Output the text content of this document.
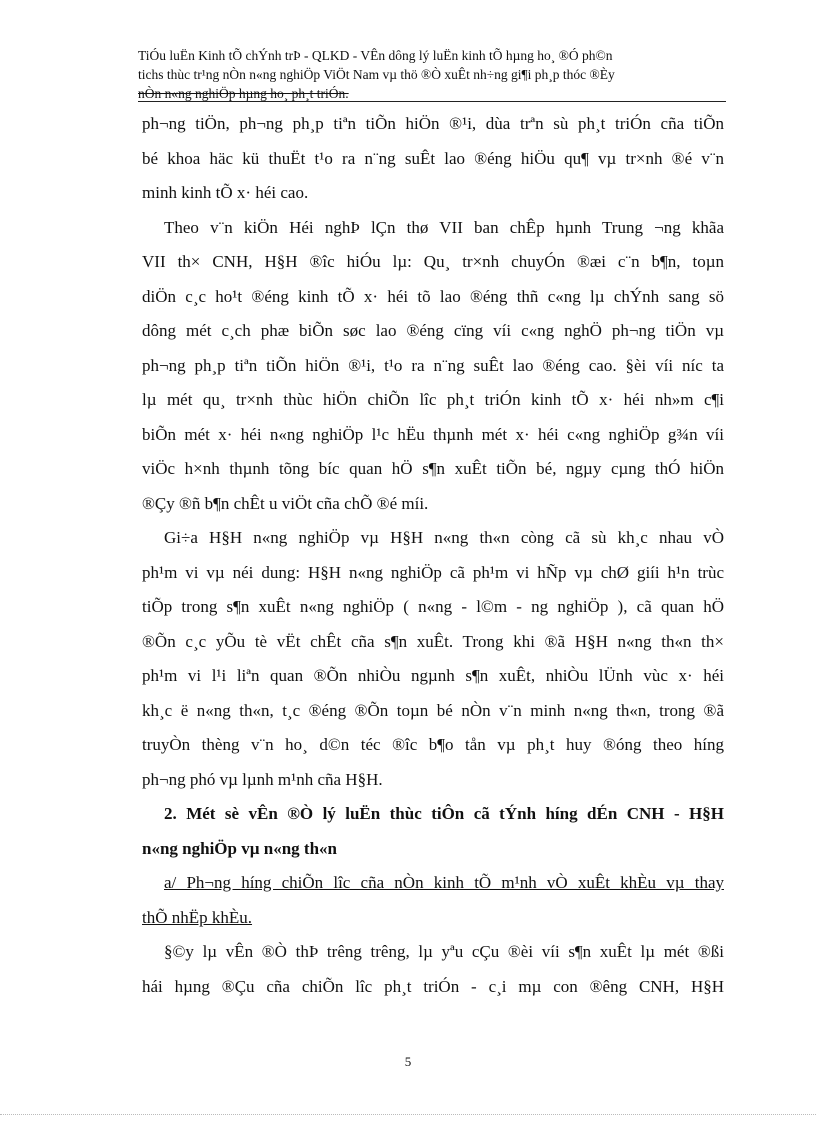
TiÓu luËn Kinh tÕ chÝnh trÞ - QLKD - VÊn dông lý luËn kinh tÕ hµng ho¸ ®Ó ph©n
tichs thùc tr¹ng nÒn n«ng nghiÖp ViÖt Nam vµ thö ®Ò xuÊt nh÷ng gi¶i ph¸p thóc ®Èy
nÒn n«ng nghiÖp hµng ho¸ ph¸t triÓn.
ph¬ng tiÖn, ph¬ng ph¸p tiªn tiÕn hiÖn ®¹i, dùa trªn sù ph¸t triÓn cña tiÕn
bé khoa häc kü thuËt t¹o ra n¨ng suÊt lao ®éng hiÖu qu¶ vµ tr×nh ®é v¨n
minh kinh tÕ x· héi cao.
Theo v¨n kiÖn Héi nghÞ lÇn thø VII ban chÊp hµnh Trung ¬ng khãa
VII th× CNH, H§H ®îc hiÓu lµ: Qu¸ tr×nh chuyÓn ®æi c¨n b¶n, toµn
diÖn c¸c ho¹t ®éng kinh tÕ x· héi tõ lao ®éng thñ c«ng lµ chÝnh sang sö
dông mét c¸ch phæ biÕn søc lao ®éng cïng víi c«ng nghÖ ph¬ng tiÖn vµ
ph¬ng ph¸p tiªn tiÕn hiÖn ®¹i, t¹o ra n¨ng suÊt lao ®éng cao. §èi víi níc ta
lµ mét qu¸ tr×nh thùc hiÖn chiÕn lîc ph¸t triÓn kinh tÕ x· héi nh»m c¶i
biÕn mét x· héi n«ng nghiÖp l¹c hËu thµnh mét x· héi c«ng nghiÖp g¾n víi
viÖc h×nh thµnh tõng bíc quan hÖ s¶n xuÊt tiÕn bé, ngµy cµng thÓ hiÖn
®Çy ®ñ b¶n chÊt u viÖt cña chÕ ®é míi.
Gi÷a H§H n«ng nghiÖp vµ H§H n«ng th«n còng cã sù kh¸c nhau vÒ
ph¹m vi vµ néi dung: H§H n«ng nghiÖp cã ph¹m vi hÑp vµ chØ giíi h¹n trùc
tiÕp trong s¶n xuÊt n«ng nghiÖp ( n«ng - l©m - ng nghiÖp ), cã quan hÖ
®Õn c¸c yÕu tè vËt chÊt cña s¶n xuÊt. Trong khi ®ã H§H n«ng th«n th×
ph¹m vi l¹i liªn quan ®Õn nhiÒu ngµnh s¶n xuÊt, nhiÒu lÜnh vùc x· héi
kh¸c ë n«ng th«n, t¸c ®éng ®Õn toµn bé nÒn v¨n minh n«ng th«n, trong ®ã
truyÒn thèng v¨n ho¸ d©n téc ®îc b¶o tån vµ ph¸t huy ®óng theo híng
ph¬ng phó vµ lµnh m¹nh cña H§H.
2. Mét sè vÊn ®Ò lý luËn thùc tiÔn cã tÝnh híng dÉn CNH - H§H
n«ng nghiÖp vµ n«ng th«n
a/ Ph¬ng híng chiÕn lîc cña nÒn kinh tÕ m¹nh vÒ xuÊt khÈu vµ thay
thÕ nhËp khÈu.
§©y lµ vÊn ®Ò thÞ trêng trêng, lµ yªu cÇu ®èi víi s¶n xuÊt lµ mét ®ßi
hái hµng ®Çu cña chiÕn lîc ph¸t triÓn - c¸i mµ con ®êng CNH, H§H
5
